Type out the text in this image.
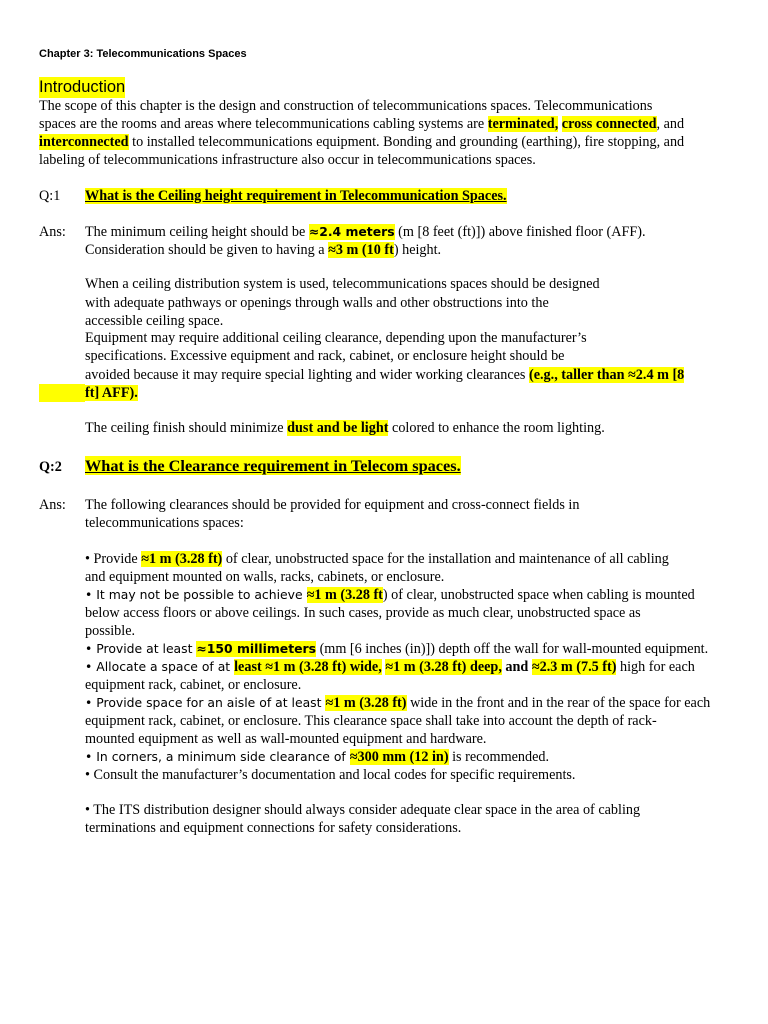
Chapter 3: Telecommunications Spaces
Introduction
The scope of this chapter is the design and construction of telecommunications spaces. Telecommunications
spaces are the rooms and areas where telecommunications cabling systems are terminated, cross connected, and
interconnected to installed telecommunications equipment. Bonding and grounding (earthing), fire stopping, and
labeling of telecommunications infrastructure also occur in telecommunications spaces.
Q:1 What is the Ceiling height requirement in Telecommunication Spaces.
Ans: The minimum ceiling height should be ≈2.4 meters (m [8 feet (ft)]) above finished floor (AFF).
Consideration should be given to having a ≈3 m (10 ft) height.
When a ceiling distribution system is used, telecommunications spaces should be designed
with adequate pathways or openings through walls and other obstructions into the
accessible ceiling space.
Equipment may require additional ceiling clearance, depending upon the manufacturer’s
specifications. Excessive equipment and rack, cabinet, or enclosure height should be
avoided because it may require special lighting and wider working clearances (e.g., taller than ≈2.4 m [8
ft] AFF).
The ceiling finish should minimize dust and be light colored to enhance the room lighting.
Q:2 What is the Clearance requirement in Telecom spaces.
Ans: The following clearances should be provided for equipment and cross-connect fields in
telecommunications spaces:
• Provide ≈1 m (3.28 ft) of clear, unobstructed space for the installation and maintenance of all cabling
and equipment mounted on walls, racks, cabinets, or enclosure.
• It may not be possible to achieve ≈1 m (3.28 ft) of clear, unobstructed space when cabling is mounted
below access floors or above ceilings. In such cases, provide as much clear, unobstructed space as
possible.
• Provide at least ≈150 millimeters (mm [6 inches (in)]) depth off the wall for wall-mounted equipment.
• Allocate a space of at least ≈1 m (3.28 ft) wide, ≈1 m (3.28 ft) deep, and ≈2.3 m (7.5 ft) high for each
equipment rack, cabinet, or enclosure.
• Provide space for an aisle of at least ≈1 m (3.28 ft) wide in the front and in the rear of the space for each
equipment rack, cabinet, or enclosure. This clearance space shall take into account the depth of rack-
mounted equipment as well as wall-mounted equipment and hardware.
• In corners, a minimum side clearance of ≈300 mm (12 in) is recommended.
• Consult the manufacturer’s documentation and local codes for specific requirements.
• The ITS distribution designer should always consider adequate clear space in the area of cabling
terminations and equipment connections for safety considerations.
